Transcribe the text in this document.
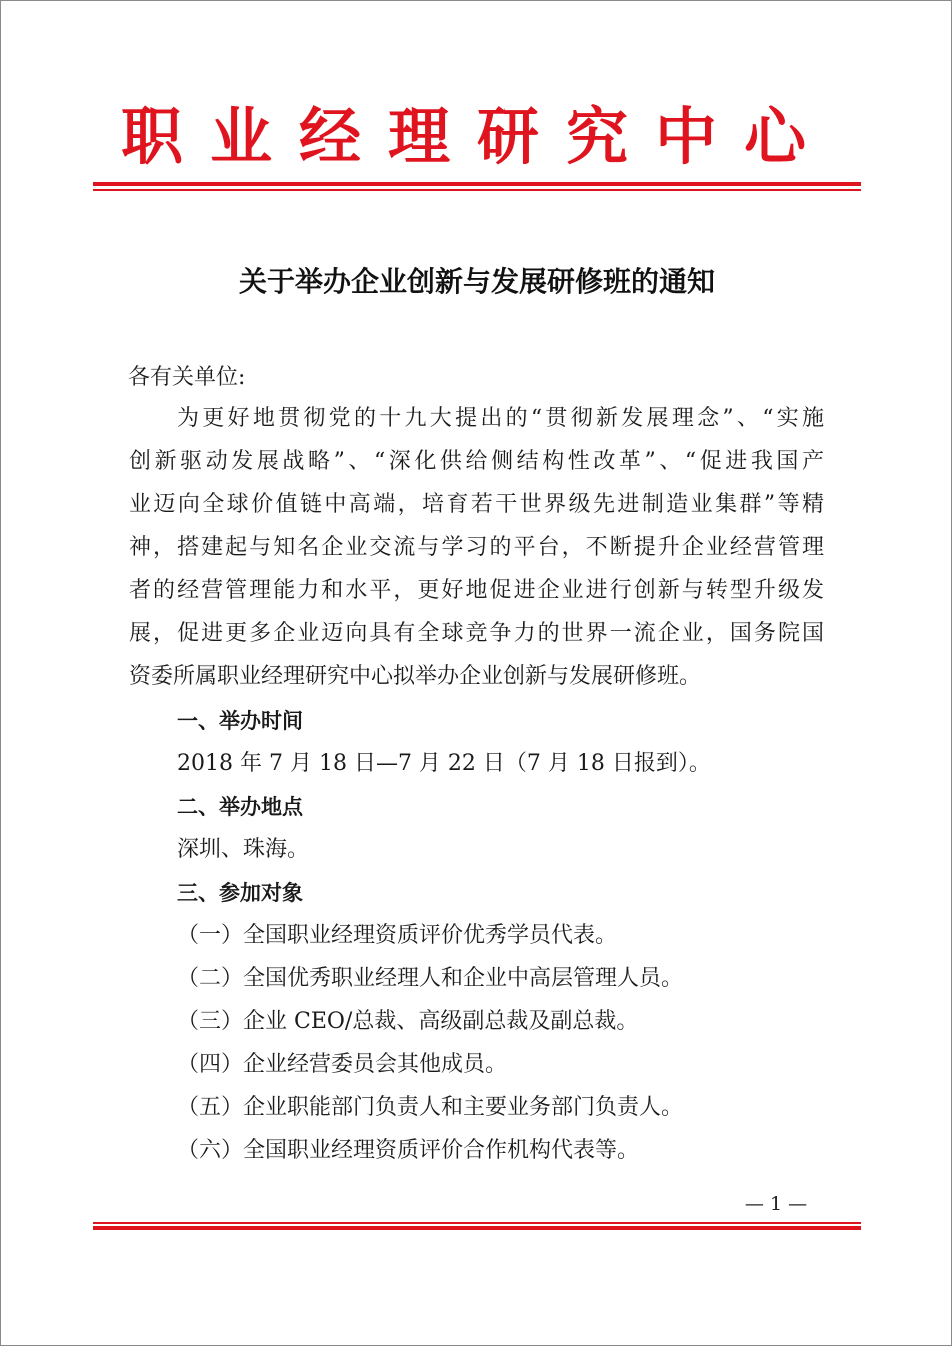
职业经理研究中心
关于举办企业创新与发展研修班的通知
各有关单位:
为更好地贯彻党的十九大提出的“贯彻新发展理念”、“实施
创新驱动发展战略”、“深化供给侧结构性改革”、“促进我国产
业迈向全球价值链中高端，培育若干世界级先进制造业集群”等精
神，搭建起与知名企业交流与学习的平台，不断提升企业经营管理
者的经营管理能力和水平，更好地促进企业进行创新与转型升级发
展，促进更多企业迈向具有全球竞争力的世界一流企业，国务院国
资委所属职业经理研究中心拟举办企业创新与发展研修班。
一、举办时间
2018 年 7 月 18 日—7 月 22 日（7 月 18 日报到）。
二、举办地点
深圳、珠海。
三、参加对象
（一）全国职业经理资质评价优秀学员代表。
（二）全国优秀职业经理人和企业中高层管理人员。
（三）企业 CEO/总裁、高级副总裁及副总裁。
（四）企业经营委员会其他成员。
（五）企业职能部门负责人和主要业务部门负责人。
（六）全国职业经理资质评价合作机构代表等。
— 1 —
